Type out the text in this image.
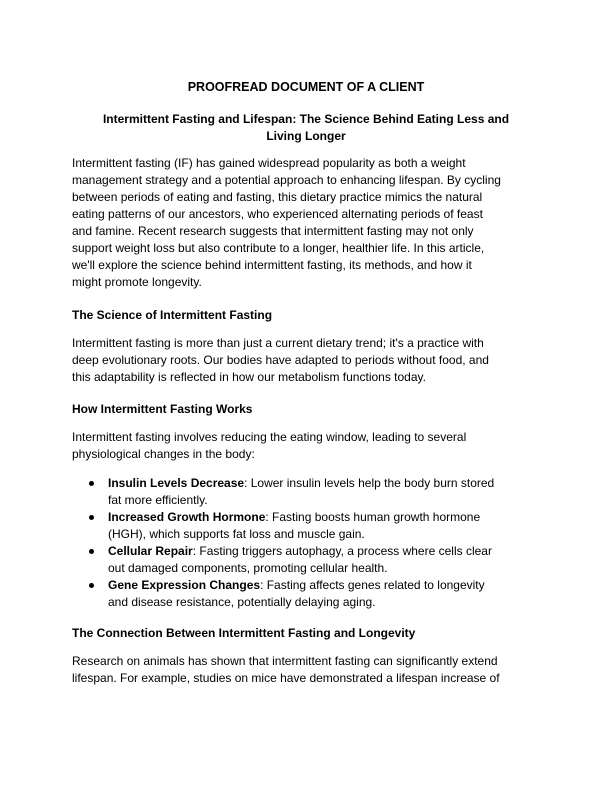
PROOFREAD DOCUMENT OF A CLIENT
Intermittent Fasting and Lifespan: The Science Behind Eating Less and
Living Longer
Intermittent fasting (IF) has gained widespread popularity as both a weight
management strategy and a potential approach to enhancing lifespan. By cycling
between periods of eating and fasting, this dietary practice mimics the natural
eating patterns of our ancestors, who experienced alternating periods of feast
and famine. Recent research suggests that intermittent fasting may not only
support weight loss but also contribute to a longer, healthier life. In this article,
we'll explore the science behind intermittent fasting, its methods, and how it
might promote longevity.
The Science of Intermittent Fasting
Intermittent fasting is more than just a current dietary trend; it's a practice with
deep evolutionary roots. Our bodies have adapted to periods without food, and
this adaptability is reflected in how our metabolism functions today.
How Intermittent Fasting Works
Intermittent fasting involves reducing the eating window, leading to several
physiological changes in the body:
Insulin Levels Decrease: Lower insulin levels help the body burn stored
fat more efficiently.
Increased Growth Hormone: Fasting boosts human growth hormone
(HGH), which supports fat loss and muscle gain.
Cellular Repair: Fasting triggers autophagy, a process where cells clear
out damaged components, promoting cellular health.
Gene Expression Changes: Fasting affects genes related to longevity
and disease resistance, potentially delaying aging.
The Connection Between Intermittent Fasting and Longevity
Research on animals has shown that intermittent fasting can significantly extend
lifespan. For example, studies on mice have demonstrated a lifespan increase of
